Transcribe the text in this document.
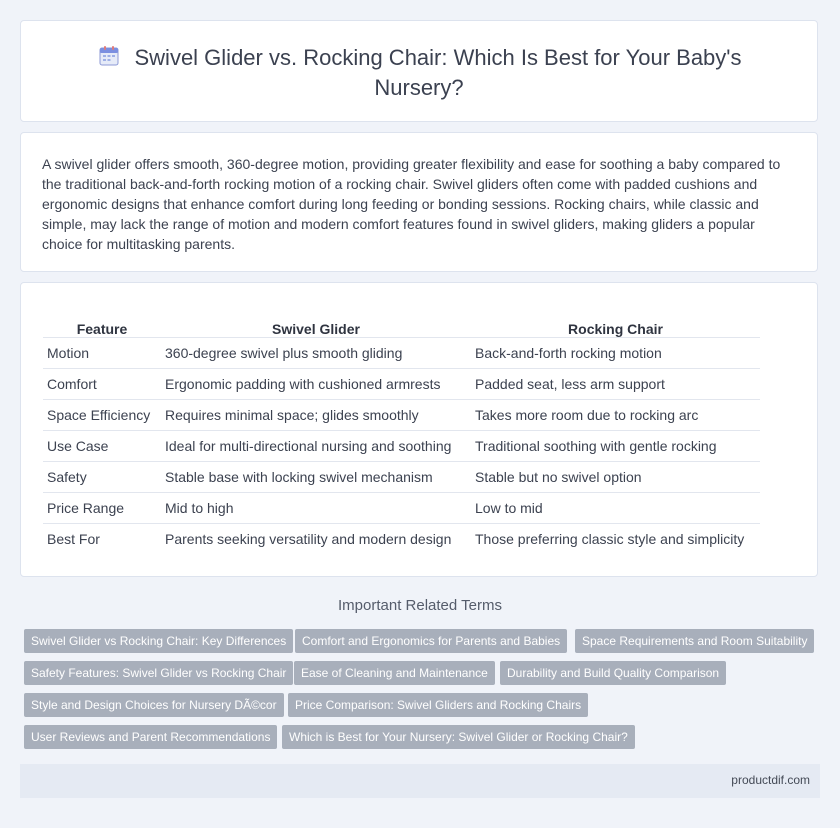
Swivel Glider vs. Rocking Chair: Which Is Best for Your Baby's
Nursery?

A swivel glider offers smooth, 360-degree motion, providing greater flexibility and ease for soothing a baby compared to the traditional back-and-forth rocking motion of a rocking chair. Swivel gliders often come with padded cushions and ergonomic designs that enhance comfort during long feeding or bonding sessions. Rocking chairs, while classic and simple, may lack the range of motion and modern comfort features found in swivel gliders, making gliders a popular choice for multitasking parents.

Feature	Swivel Glider	Rocking Chair
Motion	360-degree swivel plus smooth gliding	Back-and-forth rocking motion
Comfort	Ergonomic padding with cushioned armrests	Padded seat, less arm support
Space Efficiency	Requires minimal space; glides smoothly	Takes more room due to rocking arc
Use Case	Ideal for multi-directional nursing and soothing	Traditional soothing with gentle rocking
Safety	Stable base with locking swivel mechanism	Stable but no swivel option
Price Range	Mid to high	Low to mid
Best For	Parents seeking versatility and modern design	Those preferring classic style and simplicity
Important Related Terms
Swivel Glider vs Rocking Chair: Key Differences	Comfort and Ergonomics for Parents and Babies	Space Requirements and Room Suitability
Safety Features: Swivel Glider vs Rocking Chair	Ease of Cleaning and Maintenance	Durability and Build Quality Comparison
Style and Design Choices for Nursery DÃ©cor	Price Comparison: Swivel Gliders and Rocking Chairs
User Reviews and Parent Recommendations	Which is Best for Your Nursery: Swivel Glider or Rocking Chair?
productdif.com
